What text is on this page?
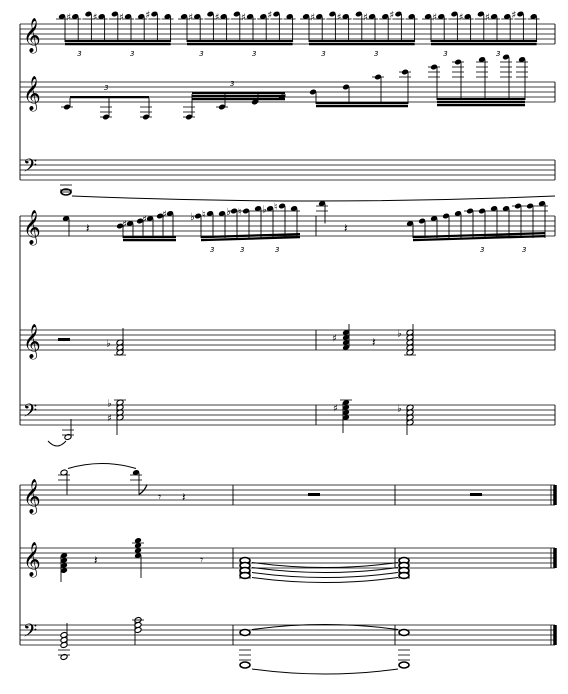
𝄞
𝄞
𝄢
𝄞
𝄞
𝄢
𝄞
𝄞
𝄢
♯ ♯ ♯ ♯
3	3
♯ ♯ ♯ ♯
3	3
♯ ♯ ♯ ♯
3	3
♯ ♯ ♯ ♯
3	3
3	3
𝄽	♯ ♯ ♯ ♭ ♮ ♭ ♮ ♭ ♮
3	3	3
𝄽
3	3
♭	♯	𝄽
♭
♭
♯
♯	♭
𝄾 𝄽
𝄽	𝄾
